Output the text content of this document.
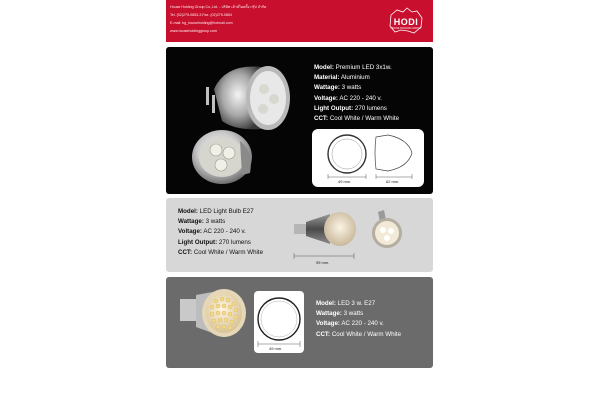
House Holding Group Co.,Ltd. - บริษัท เฮ้าส์โฮลดิ้ง กรุ๊ป จำกัด
Tel. (02)279-0853-3 Fax. (02)279-0854
E-mail: hg_househoiding@hotmail.com
www.househoidinggroup.com
HODI
HOUSE HOLDING GROUP
Model: Premium LED 3x1w.
Material: Aluminium
Wattage: 3 watts
Voltage: AC 220 - 240 v.
Light Output: 270 lumens
CCT: Cool White / Warm White
49 mm.	62 mm.
Model: LED Light Bulb E27
Wattage: 3 watts
Voltage: AC 220 - 240 v.
Light Output: 270 lumens
CCT: Cool White / Warm White
95 mm.
49 mm.
Model: LED 3 w. E27
Wattage: 3 watts
Voltage: AC 220 - 240 v.
CCT: Cool White / Warm White
